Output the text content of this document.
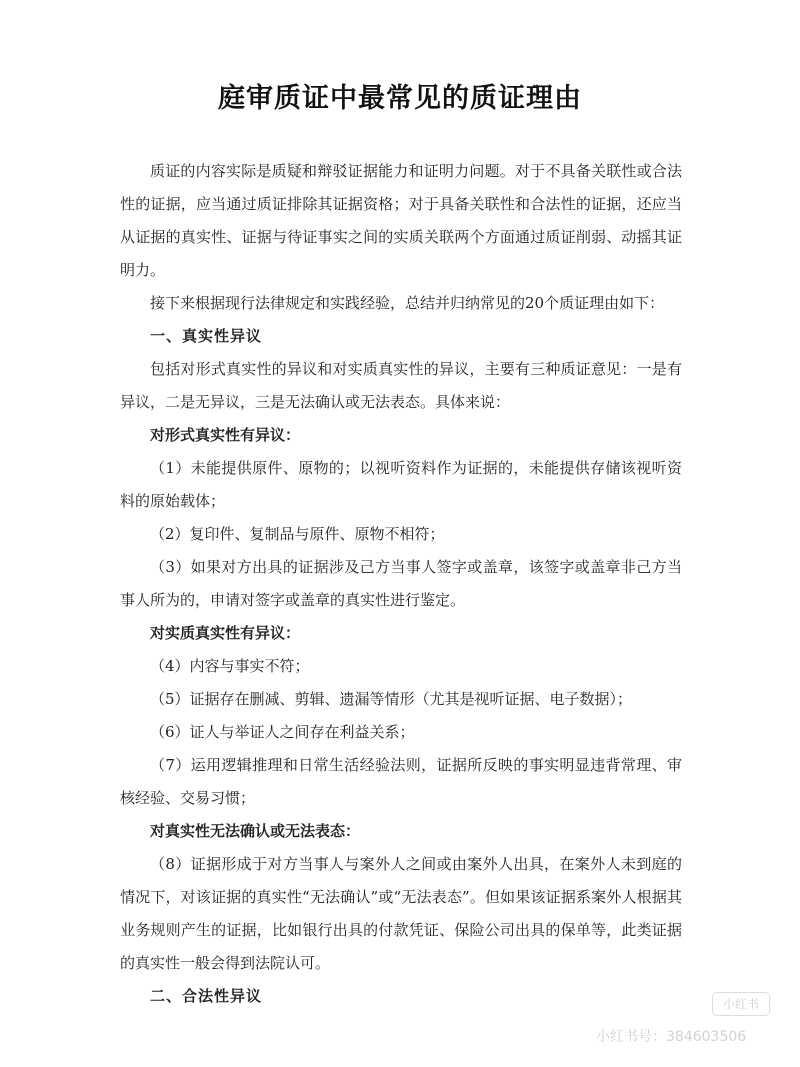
庭审质证中最常见的质证理由

质证的内容实际是质疑和辩驳证据能力和证明力问题。对于不具备关联性或合法性的证据，应当通过质证排除其证据资格；对于具备关联性和合法性的证据，还应当从证据的真实性、证据与待证事实之间的实质关联两个方面通过质证削弱、动摇其证明力。

接下来根据现行法律规定和实践经验，总结并归纳常见的20个质证理由如下：

一、真实性异议

包括对形式真实性的异议和对实质真实性的异议，主要有三种质证意见：一是有异议，二是无异议，三是无法确认或无法表态。具体来说：

对形式真实性有异议：

（1）未能提供原件、原物的；以视听资料作为证据的，未能提供存储该视听资料的原始载体；

（2）复印件、复制品与原件、原物不相符；

（3）如果对方出具的证据涉及己方当事人签字或盖章，该签字或盖章非己方当事人所为的，申请对签字或盖章的真实性进行鉴定。

对实质真实性有异议：

（4）内容与事实不符；

（5）证据存在删减、剪辑、遗漏等情形（尤其是视听证据、电子数据）；

（6）证人与举证人之间存在利益关系；

（7）运用逻辑推理和日常生活经验法则，证据所反映的事实明显违背常理、审核经验、交易习惯；

对真实性无法确认或无法表态：

（8）证据形成于对方当事人与案外人之间或由案外人出具，在案外人未到庭的情况下，对该证据的真实性“无法确认”或“无法表态”。但如果该证据系案外人根据其业务规则产生的证据，比如银行出具的付款凭证、保险公司出具的保单等，此类证据的真实性一般会得到法院认可。

二、合法性异议	小红书
小红书号：384603506
